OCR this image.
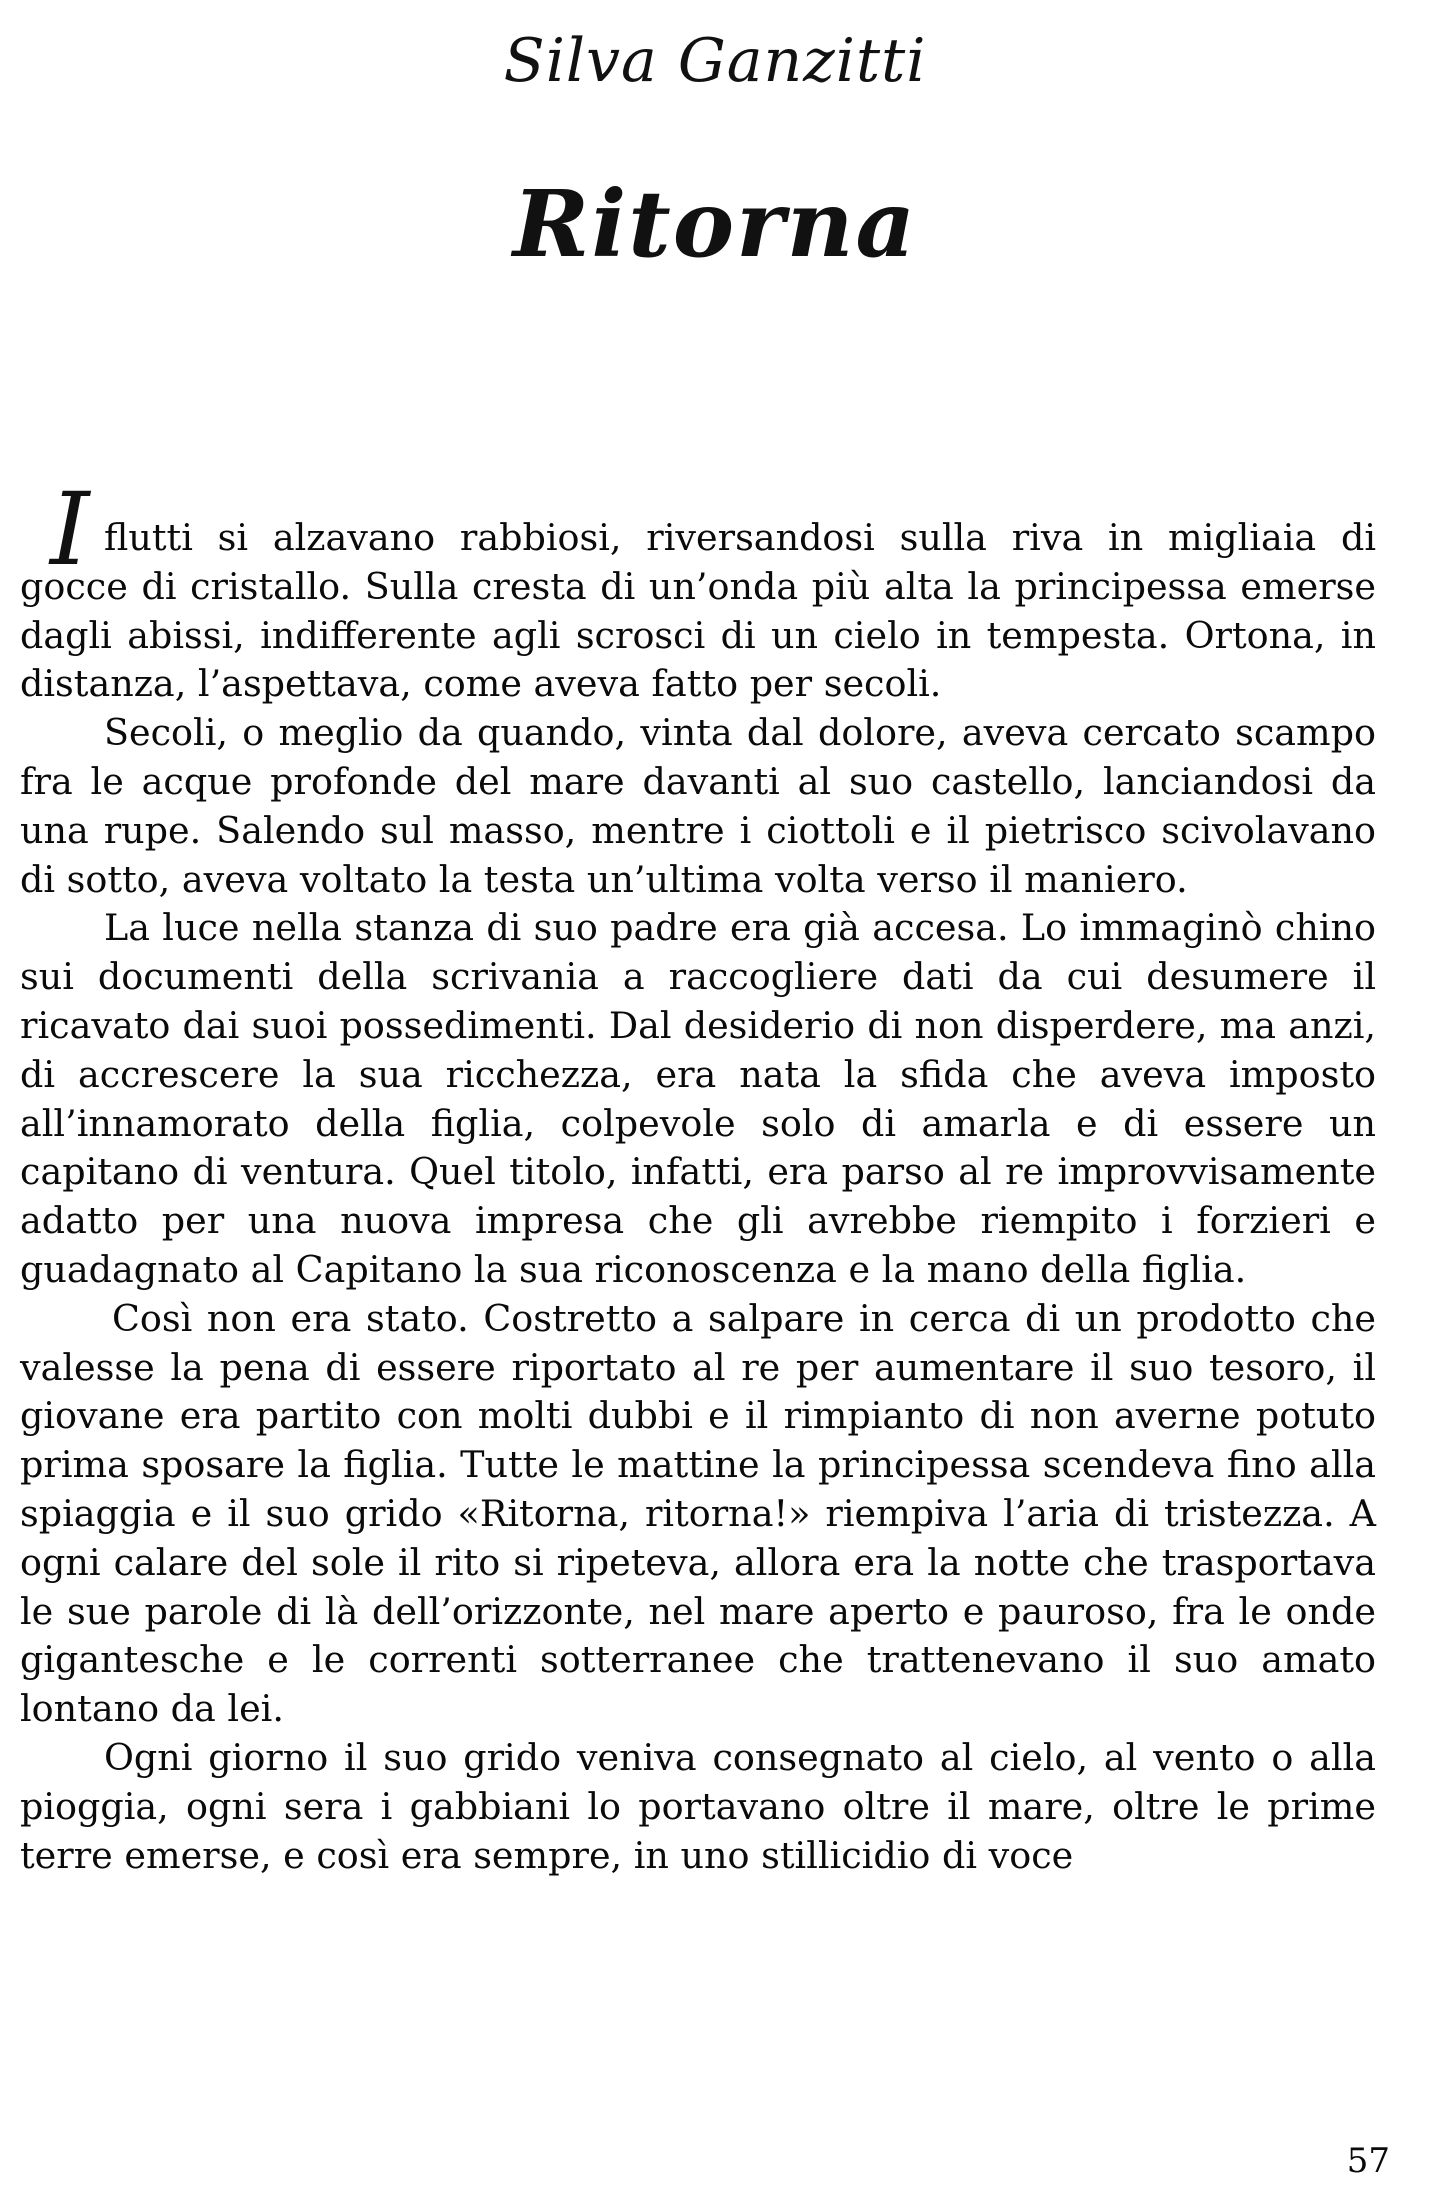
Silva Ganzitti
Ritorna
I flutti si alzavano rabbiosi, riversandosi sulla riva in migliaia di gocce di cristallo. Sulla cresta di un’onda più alta la principessa emerse dagli abissi, indifferente agli scrosci di un cielo in tempesta. Ortona, in distanza, l’aspettava, come aveva fatto per secoli.

Secoli, o meglio da quando, vinta dal dolore, aveva cercato scampo fra le acque profonde del mare davanti al suo castello, lanciandosi da una rupe. Salendo sul masso, mentre i ciottoli e il pietrisco scivolavano di sotto, aveva voltato la testa un’ultima volta verso il maniero.

La luce nella stanza di suo padre era già accesa. Lo immaginò chino sui documenti della scrivania a raccogliere dati da cui desumere il ricavato dai suoi possedimenti. Dal desiderio di non disperdere, ma anzi, di accrescere la sua ricchezza, era nata la sfida che aveva imposto all’innamorato della figlia, colpevole solo di amarla e di essere un capitano di ventura. Quel titolo, infatti, era parso al re improvvisamente adatto per una nuova impresa che gli avrebbe riempito i forzieri e guadagnato al Capitano la sua riconoscenza e la mano della figlia.

Così non era stato. Costretto a salpare in cerca di un prodotto che valesse la pena di essere riportato al re per aumentare il suo tesoro, il giovane era partito con molti dubbi e il rimpianto di non averne potuto prima sposare la figlia. Tutte le mattine la principessa scendeva fino alla spiaggia e il suo grido «Ritorna, ritorna!» riempiva l’aria di tristezza. A ogni calare del sole il rito si ripeteva, allora era la notte che trasportava le sue parole di là dell’orizzonte, nel mare aperto e pauroso, fra le onde gigantesche e le correnti sotterranee che trattenevano il suo amato lontano da lei.

Ogni giorno il suo grido veniva consegnato al cielo, al vento o alla pioggia, ogni sera i gabbiani lo portavano oltre il mare, oltre le prime terre emerse, e così era sempre, in uno stillicidio di voce

57
